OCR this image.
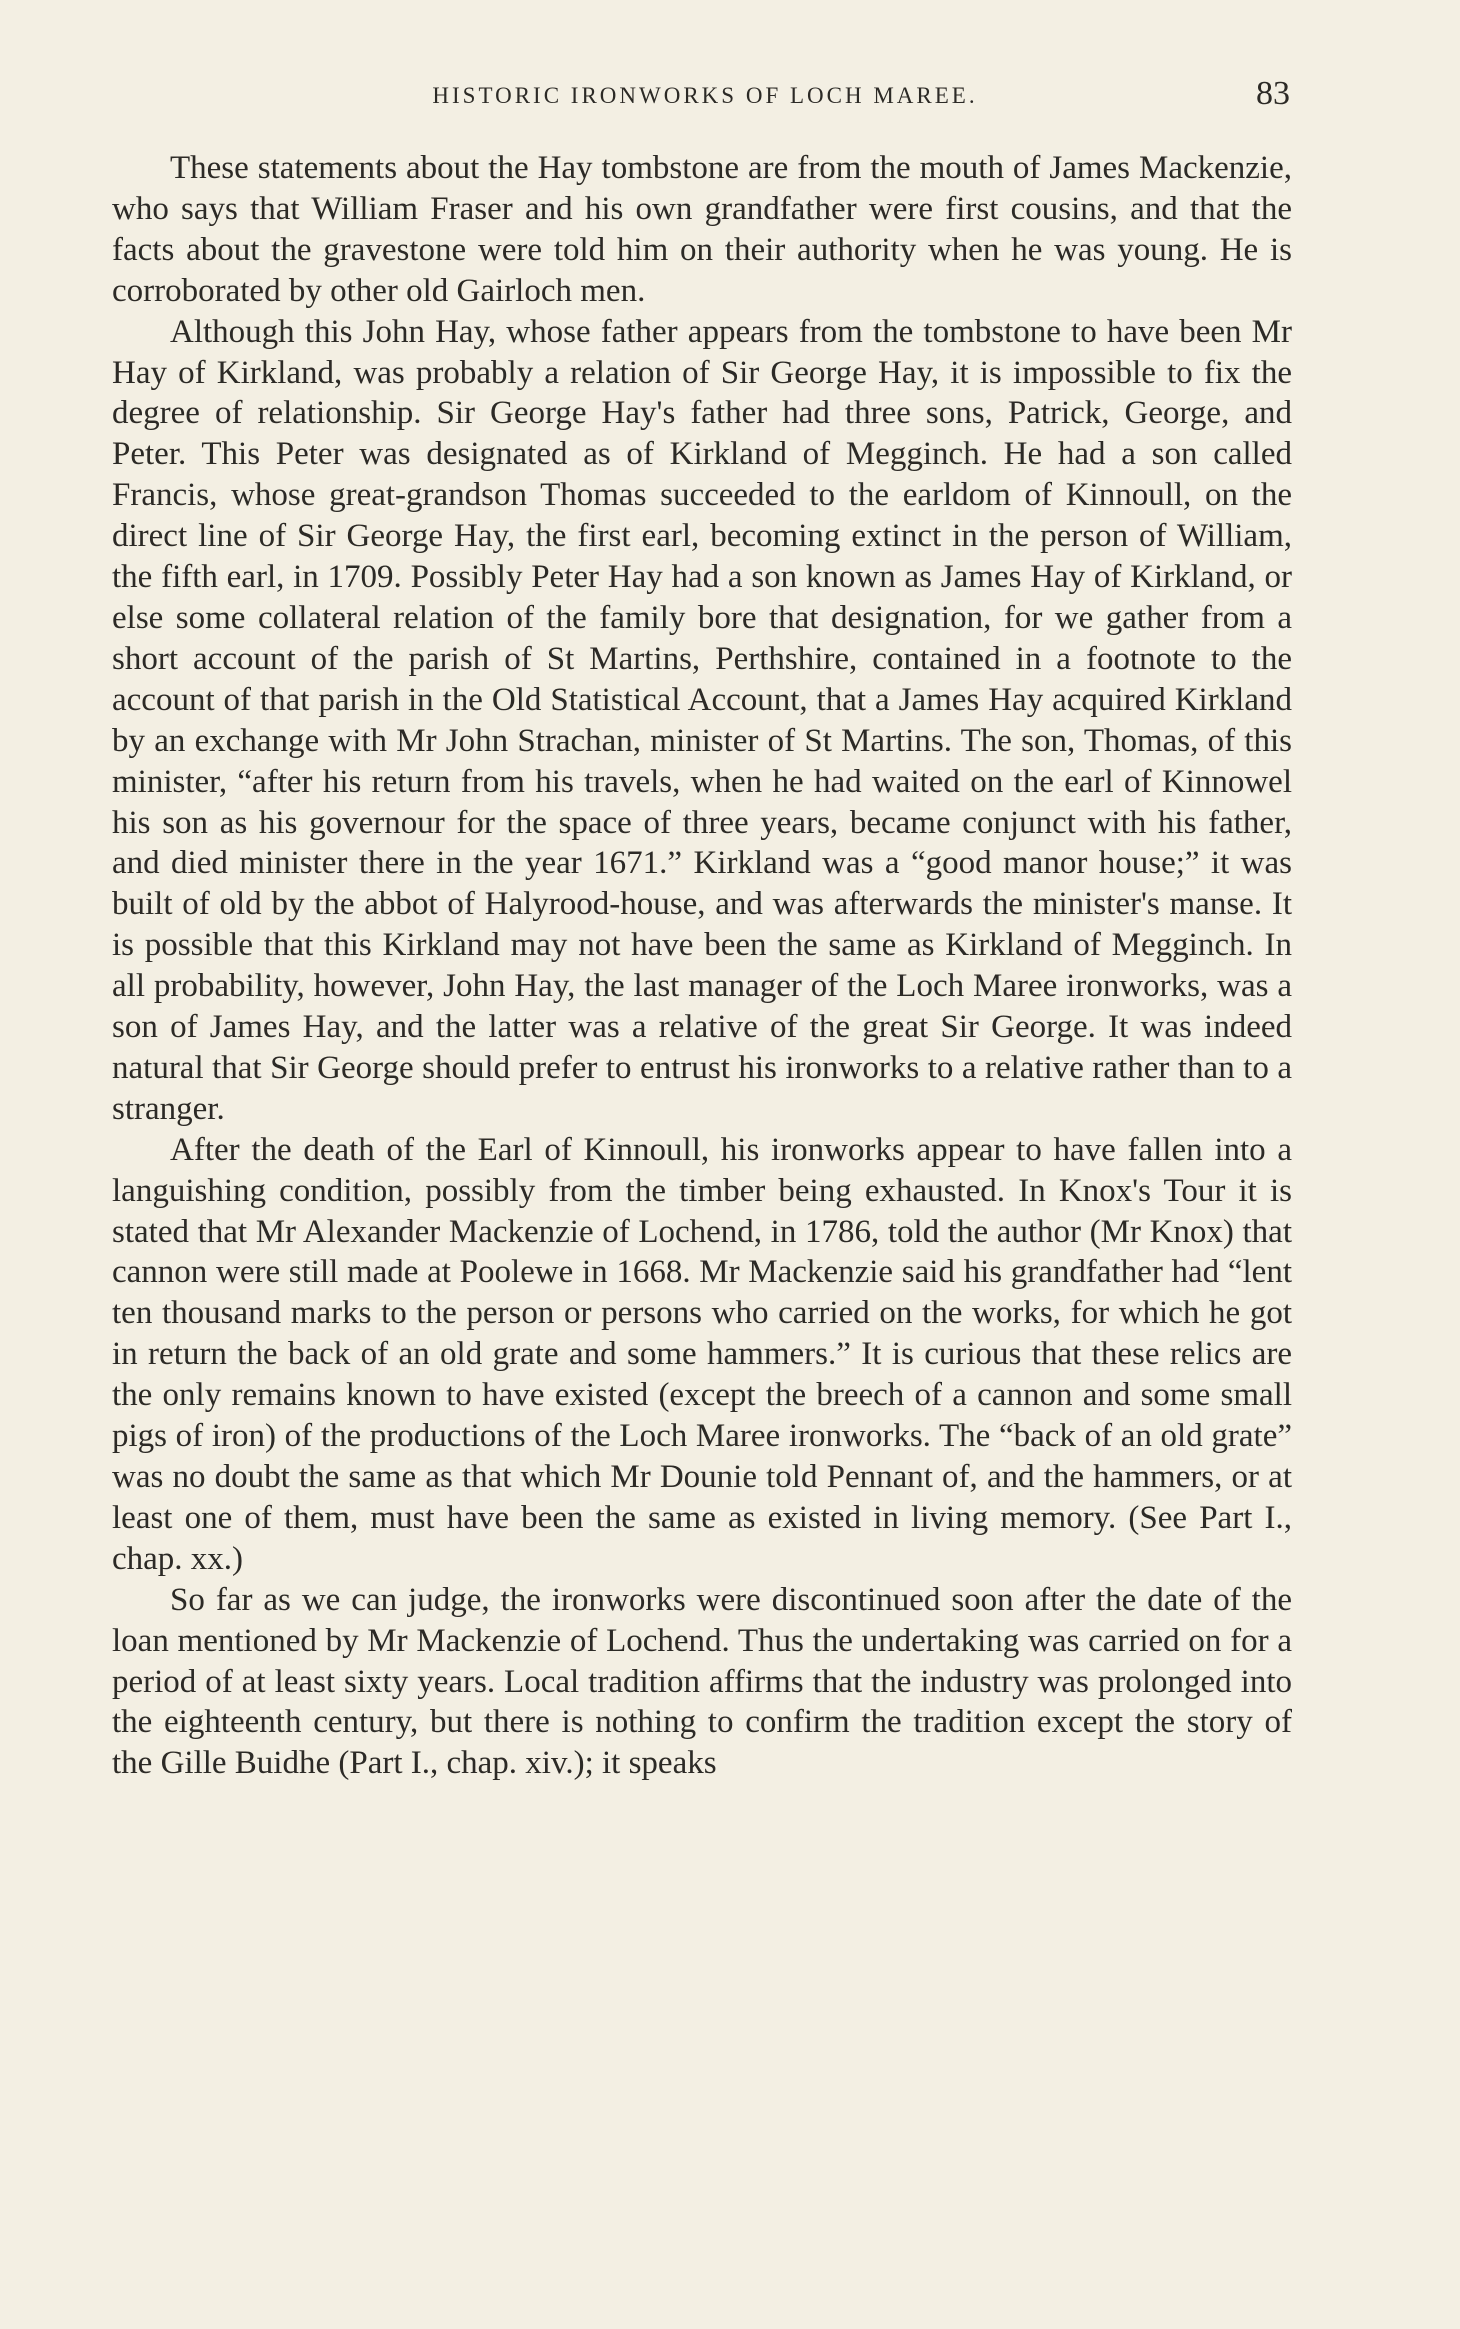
HISTORIC IRONWORKS OF LOCH MAREE.	83

These statements about the Hay tombstone are from the mouth of James Mackenzie, who says that William Fraser and his own grandfather were first cousins, and that the facts about the gravestone were told him on their authority when he was young. He is corroborated by other old Gairloch men.

Although this John Hay, whose father appears from the tombstone to have been Mr Hay of Kirkland, was probably a relation of Sir George Hay, it is impossible to fix the degree of relationship. Sir George Hay's father had three sons, Patrick, George, and Peter. This Peter was designated as of Kirkland of Megginch. He had a son called Francis, whose great-grandson Thomas succeeded to the earldom of Kinnoull, on the direct line of Sir George Hay, the first earl, becoming extinct in the person of William, the fifth earl, in 1709. Possibly Peter Hay had a son known as James Hay of Kirkland, or else some collateral relation of the family bore that designation, for we gather from a short account of the parish of St Martins, Perthshire, contained in a footnote to the account of that parish in the Old Statistical Account, that a James Hay acquired Kirkland by an exchange with Mr John Strachan, minister of St Martins. The son, Thomas, of this minister, “after his return from his travels, when he had waited on the earl of Kinnowel his son as his governour for the space of three years, became conjunct with his father, and died minister there in the year 1671.” Kirkland was a “good manor house;” it was built of old by the abbot of Halyrood-house, and was afterwards the minister's manse. It is possible that this Kirkland may not have been the same as Kirkland of Megginch. In all probability, however, John Hay, the last manager of the Loch Maree ironworks, was a son of James Hay, and the latter was a relative of the great Sir George. It was indeed natural that Sir George should prefer to entrust his ironworks to a relative rather than to a stranger.

After the death of the Earl of Kinnoull, his ironworks appear to have fallen into a languishing condition, possibly from the timber being exhausted. In Knox's Tour it is stated that Mr Alexander Mackenzie of Lochend, in 1786, told the author (Mr Knox) that cannon were still made at Poolewe in 1668. Mr Mackenzie said his grandfather had “lent ten thousand marks to the person or persons who carried on the works, for which he got in return the back of an old grate and some hammers.” It is curious that these relics are the only remains known to have existed (except the breech of a cannon and some small pigs of iron) of the productions of the Loch Maree ironworks. The “back of an old grate” was no doubt the same as that which Mr Dounie told Pennant of, and the hammers, or at least one of them, must have been the same as existed in living memory. (See Part I., chap. xx.)

So far as we can judge, the ironworks were discontinued soon after the date of the loan mentioned by Mr Mackenzie of Lochend. Thus the undertaking was carried on for a period of at least sixty years. Local tradition affirms that the industry was prolonged into the eighteenth century, but there is nothing to confirm the tradition except the story of the Gille Buidhe (Part I., chap. xiv.); it speaks
